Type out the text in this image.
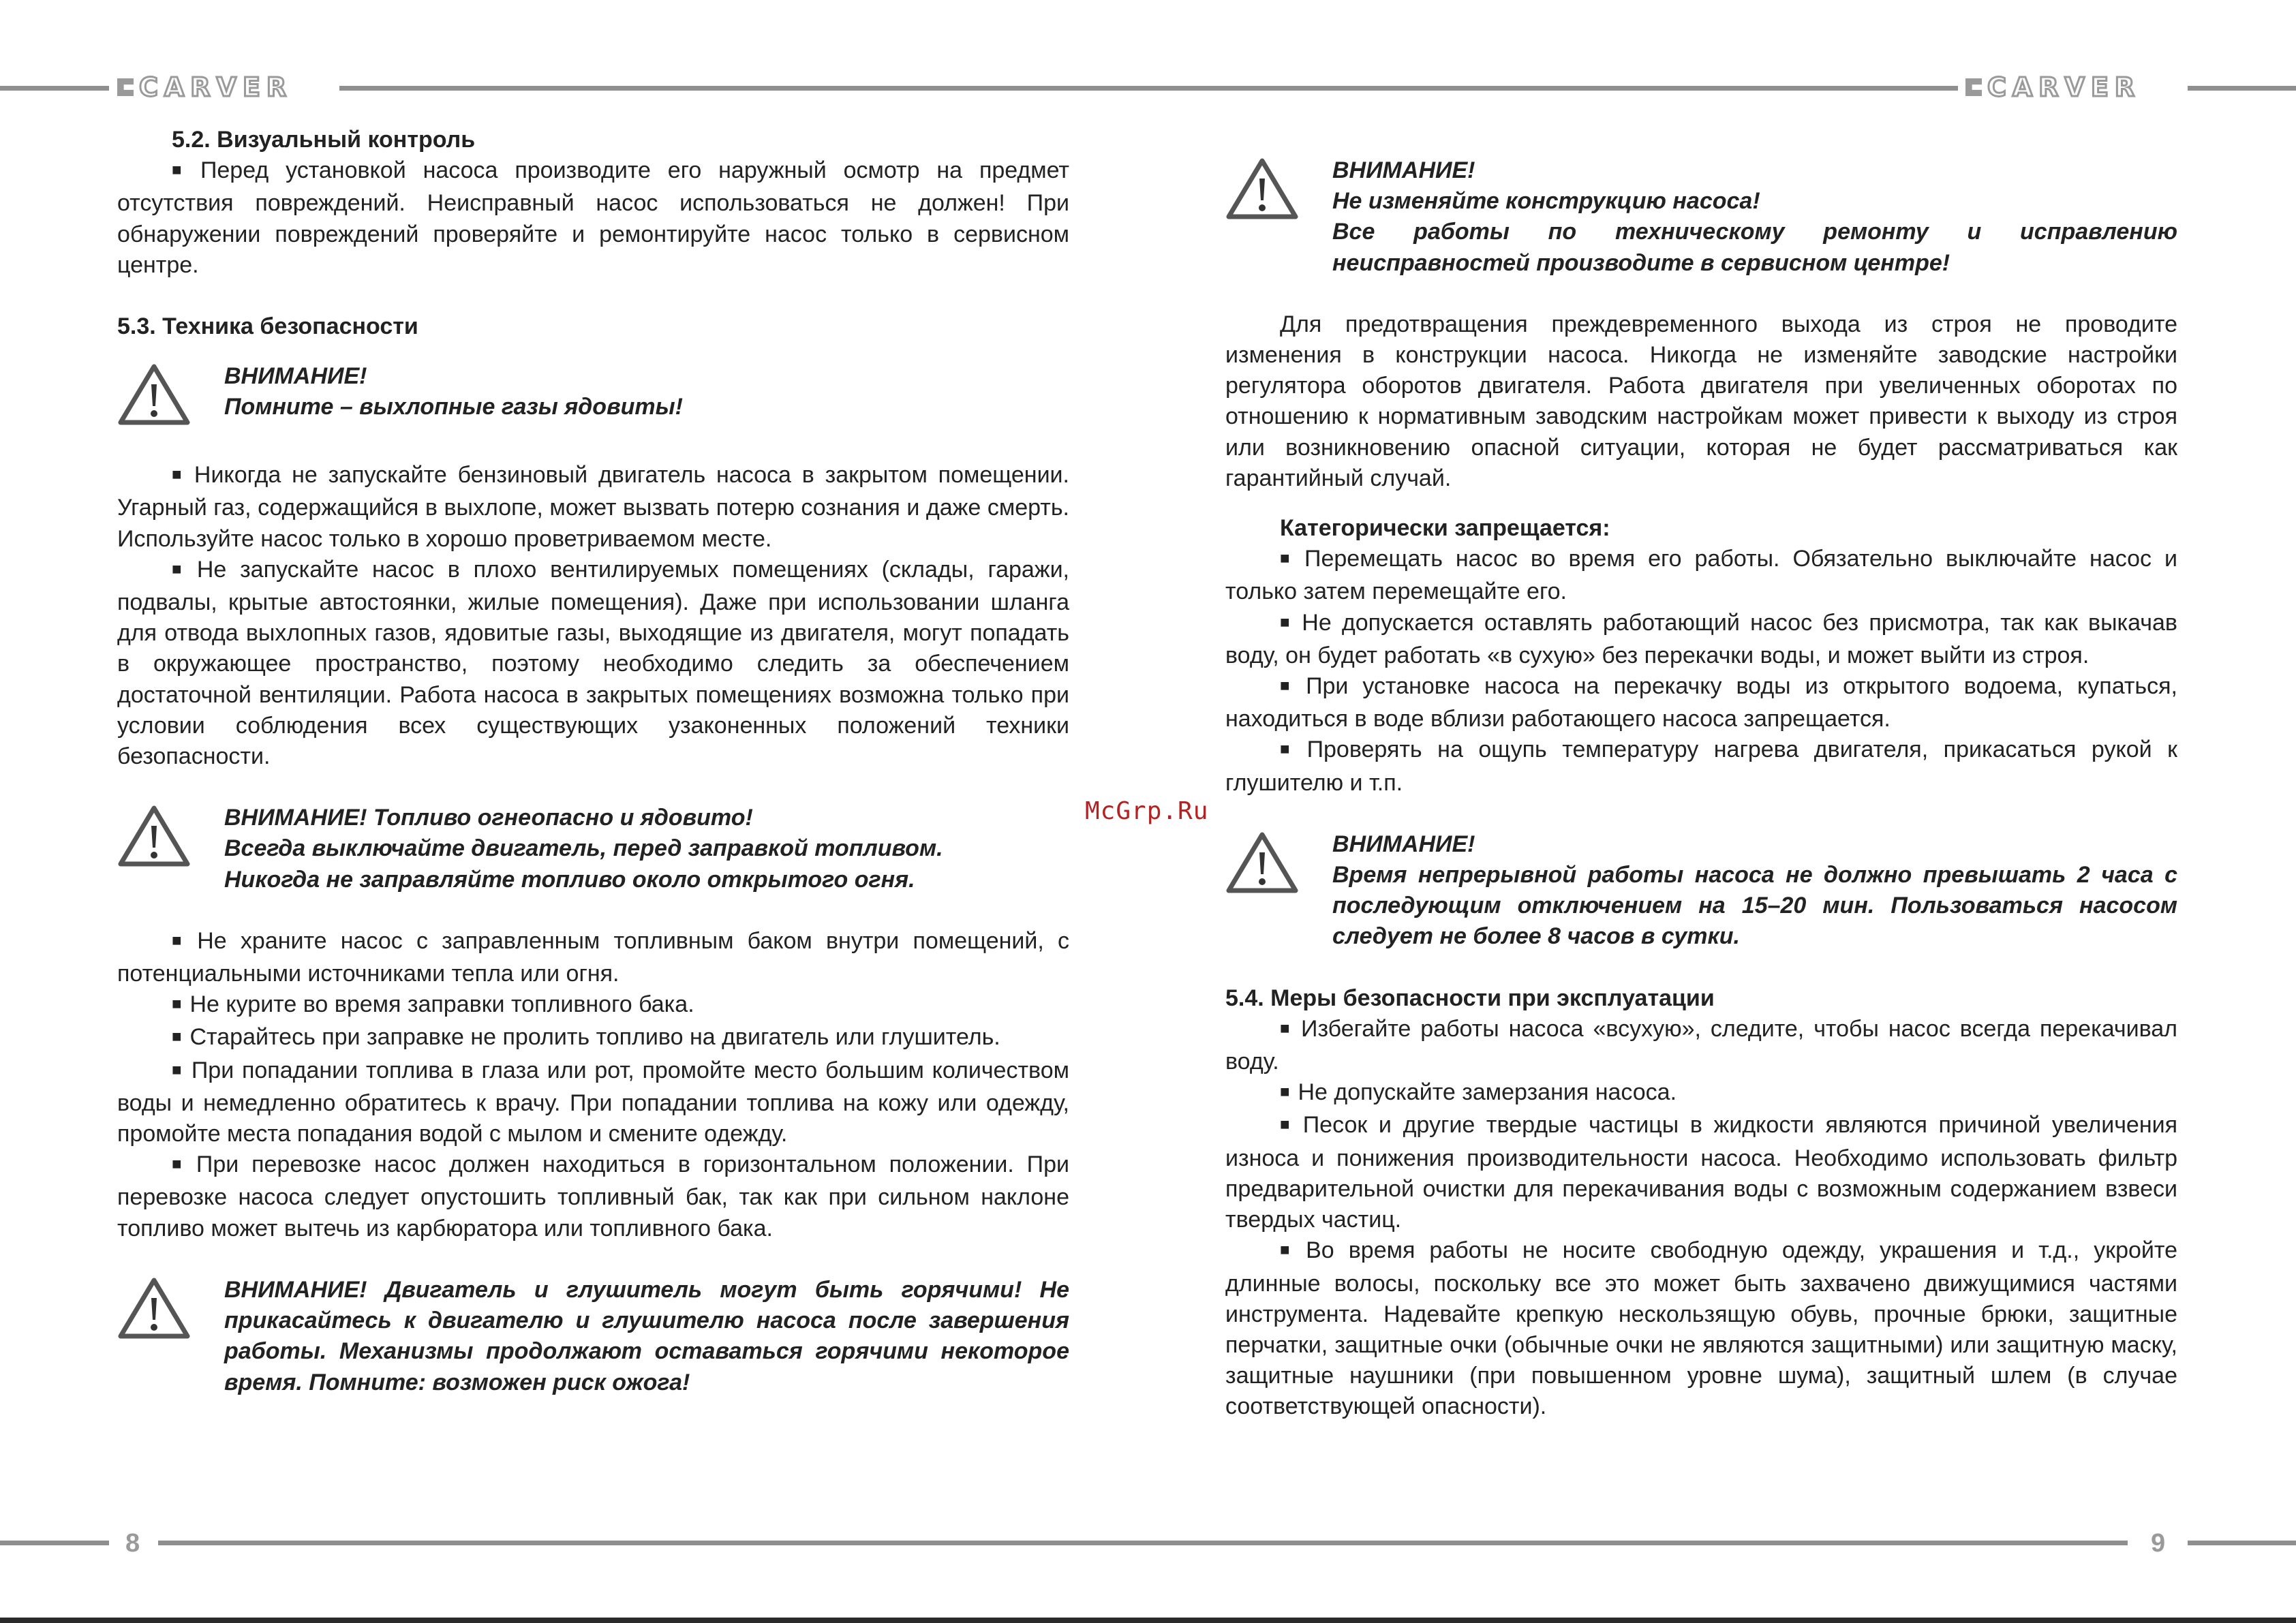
CARVER	CARVER
McGrp.Ru

5.2. Визуальный контроль

■ Перед установкой насоса производите его наружный осмотр на предмет отсутствия повреждений. Неисправный насос использоваться не должен! При обнаружении повреждений проверяйте и ремонтируйте насос только в сервисном центре.

5.3. Техника безопасности

ВНИМАНИЕ!

Помните – выхлопные газы ядовиты!

■ Никогда не запускайте бензиновый двигатель насоса в закрытом помещении. Угарный газ, содержащийся в выхлопе, может вызвать потерю сознания и даже смерть. Используйте насос только в хорошо проветриваемом месте.

■ Не запускайте насос в плохо вентилируемых помещениях (склады, гаражи, подвалы, крытые автостоянки, жилые помещения). Даже при использовании шланга для отвода выхлопных газов, ядовитые газы, выходящие из двигателя, могут попадать в окружающее пространство, поэтому необходимо следить за обеспечением достаточной вентиляции. Работа насоса в закрытых помещениях возможна только при условии соблюдения всех существующих узаконенных положений техники безопасности.

ВНИМАНИЕ! Топливо огнеопасно и ядовито!

Всегда выключайте двигатель, перед заправкой топливом.

Никогда не заправляйте топливо около открытого огня.

■ Не храните насос с заправленным топливным баком внутри помещений, с потенциальными источниками тепла или огня.

■ Не курите во время заправки топливного бака.

■ Старайтесь при заправке не пролить топливо на двигатель или глушитель.

■ При попадании топлива в глаза или рот, промойте место большим количеством воды и немедленно обратитесь к врачу. При попадании топлива на кожу или одежду, промойте места попадания водой с мылом и смените одежду.

■ При перевозке насос должен находиться в горизонтальном положении. При перевозке насоса следует опустошить топливный бак, так как при сильном наклоне топливо может вытечь из карбюратора или топливного бака.

ВНИМАНИЕ! Двигатель и глушитель могут быть горячими! Не прикасайтесь к двигателю и глушителю насоса после завершения работы. Механизмы продолжают оставаться горячими некоторое время. Помните: возможен риск ожога!

ВНИМАНИЕ!

Не изменяйте конструкцию насоса!

Все работы по техническому ремонту и исправлению неисправностей производите в сервисном центре!

Для предотвращения преждевременного выхода из строя не проводите изменения в конструкции насоса. Никогда не изменяйте заводские настройки регулятора оборотов двигателя. Работа двигателя при увеличенных оборотах по отношению к нормативным заводским настройкам может привести к выходу из строя или возникновению опасной ситуации, которая не будет рассматриваться как гарантийный случай.

Категорически запрещается:

■ Перемещать насос во время его работы. Обязательно выключайте насос и только затем перемещайте его.

■ Не допускается оставлять работающий насос без присмотра, так как выкачав воду, он будет работать «в сухую» без перекачки воды, и может выйти из строя.

■ При установке насоса на перекачку воды из открытого водоема, купаться, находиться в воде вблизи работающего насоса запрещается.

■ Проверять на ощупь температуру нагрева двигателя, прикасаться рукой к глушителю и т.п.

ВНИМАНИЕ!

Время непрерывной работы насоса не должно превышать 2 часа с последующим отключением на 15–20 мин. Пользоваться насосом следует не более 8 часов в сутки.

5.4. Меры безопасности при эксплуатации

■ Избегайте работы насоса «всухую», следите, чтобы насос всегда перекачивал воду.

■ Не допускайте замерзания насоса.

■ Песок и другие твердые частицы в жидкости являются причиной увеличения износа и понижения производительности насоса. Необходимо использовать фильтр предварительной очистки для перекачивания воды с возможным содержанием взвеси твердых частиц.

■ Во время работы не носите свободную одежду, украшения и т.д., укройте длинные волосы, поскольку все это может быть захвачено движущимися частями инструмента. Надевайте крепкую нескользящую обувь, прочные брюки, защитные перчатки, защитные очки (обычные очки не являются защитными) или защитную маску, защитные наушники (при повышенном уровне шума), защитный шлем (в случае соответствующей опасности).

8	9
